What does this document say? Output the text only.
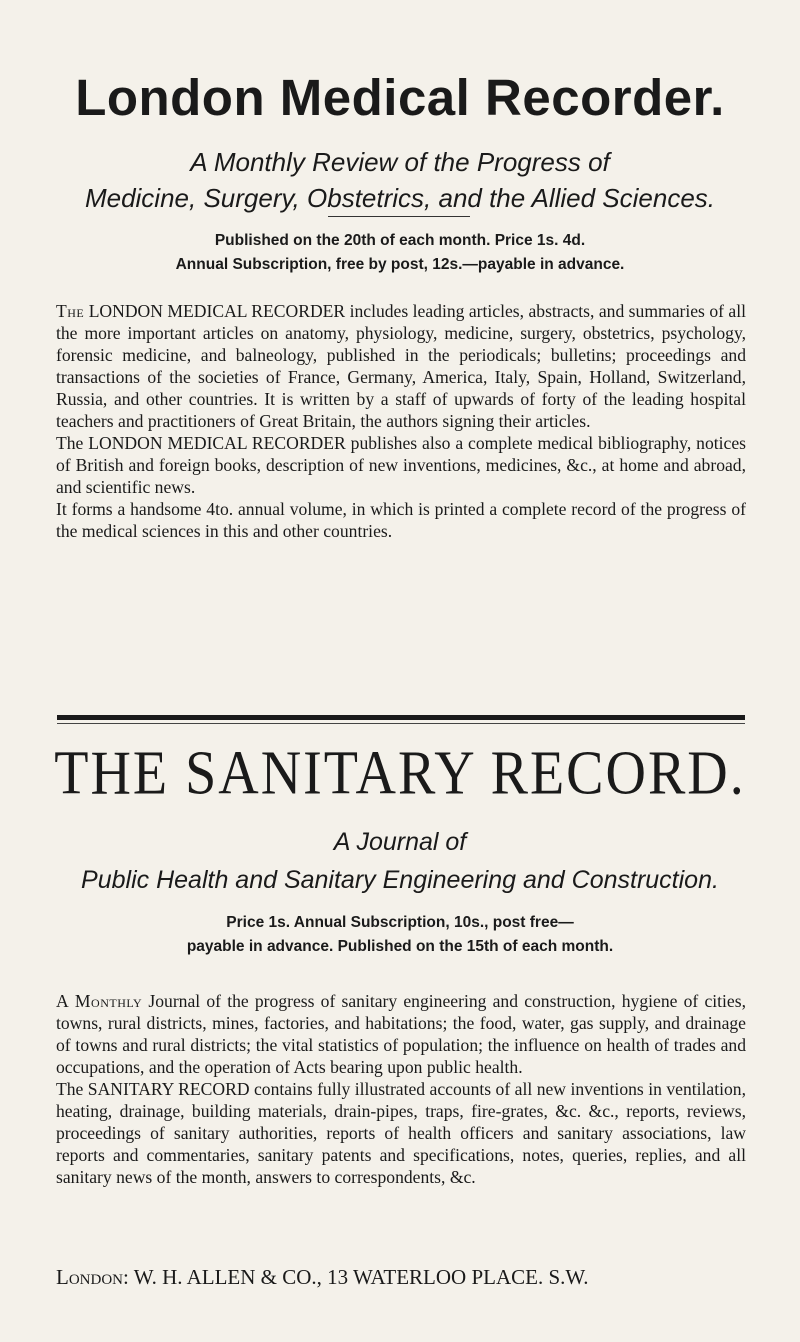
London Medical Recorder.
A Monthly Review of the Progress of
Medicine, Surgery, Obstetrics, and the Allied Sciences.
Published on the 20th of each month. Price 1s. 4d.
Annual Subscription, free by post, 12s.—payable in advance.

The LONDON MEDICAL RECORDER includes leading articles, abstracts, and summaries of all the more important articles on anatomy, physiology, medicine, surgery, obstetrics, psychology, forensic medicine, and balneology, published in the periodicals; bulletins; proceedings and transactions of the societies of France, Germany, America, Italy, Spain, Holland, Switzerland, Russia, and other countries. It is written by a staff of upwards of forty of the leading hospital teachers and practitioners of Great Britain, the authors signing their articles.

The LONDON MEDICAL RECORDER publishes also a complete medical bibliography, notices of British and foreign books, description of new inventions, medicines, &c., at home and abroad, and scientific news.

It forms a handsome 4to. annual volume, in which is printed a complete record of the progress of the medical sciences in this and other countries.

THE SANITARY RECORD.
A Journal of
Public Health and Sanitary Engineering and Construction.
Price 1s. Annual Subscription, 10s., post free—
payable in advance. Published on the 15th of each month.

A Monthly Journal of the progress of sanitary engineering and construction, hygiene of cities, towns, rural districts, mines, factories, and habitations; the food, water, gas supply, and drainage of towns and rural districts; the vital statistics of population; the influence on health of trades and occupations, and the operation of Acts bearing upon public health.

The SANITARY RECORD contains fully illustrated accounts of all new inventions in ventilation, heating, drainage, building materials, drain-pipes, traps, fire-grates, &c. &c., reports, reviews, proceedings of sanitary authorities, reports of health officers and sanitary associations, law reports and commentaries, sanitary patents and specifications, notes, queries, replies, and all sanitary news of the month, answers to correspondents, &c.

London: W. H. ALLEN & CO., 13 WATERLOO PLACE. S.W.
